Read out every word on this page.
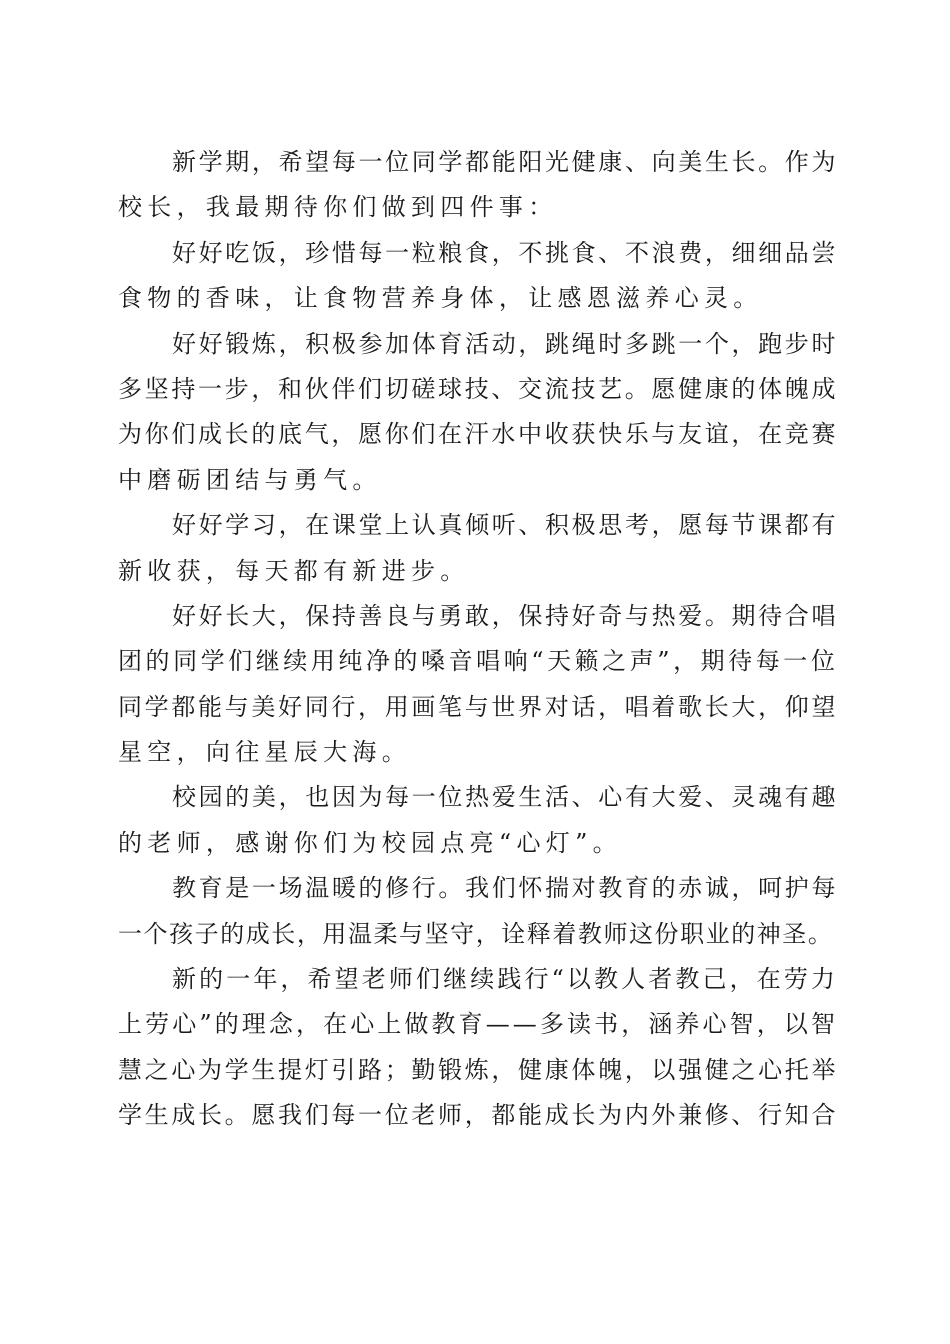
新学期，希望每一位同学都能阳光健康、向美生长。作为
校长，我最期待你们做到四件事：
好好吃饭，珍惜每一粒粮食，不挑食、不浪费，细细品尝
食物的香味，让食物营养身体，让感恩滋养心灵。
好好锻炼，积极参加体育活动，跳绳时多跳一个，跑步时
多坚持一步，和伙伴们切磋球技、交流技艺。愿健康的体魄成
为你们成长的底气，愿你们在汗水中收获快乐与友谊，在竞赛
中磨砺团结与勇气。
好好学习，在课堂上认真倾听、积极思考，愿每节课都有
新收获，每天都有新进步。
好好长大，保持善良与勇敢，保持好奇与热爱。期待合唱
团的同学们继续用纯净的嗓音唱响“天籁之声”，期待每一位
同学都能与美好同行，用画笔与世界对话，唱着歌长大，仰望
星空，向往星辰大海。
校园的美，也因为每一位热爱生活、心有大爱、灵魂有趣
的老师，感谢你们为校园点亮“心灯”。
教育是一场温暖的修行。我们怀揣对教育的赤诚，呵护每
一个孩子的成长，用温柔与坚守，诠释着教师这份职业的神圣。
新的一年，希望老师们继续践行“以教人者教己，在劳力
上劳心”的理念，在心上做教育——多读书，涵养心智，以智
慧之心为学生提灯引路；勤锻炼，健康体魄，以强健之心托举
学生成长。愿我们每一位老师，都能成长为内外兼修、行知合
